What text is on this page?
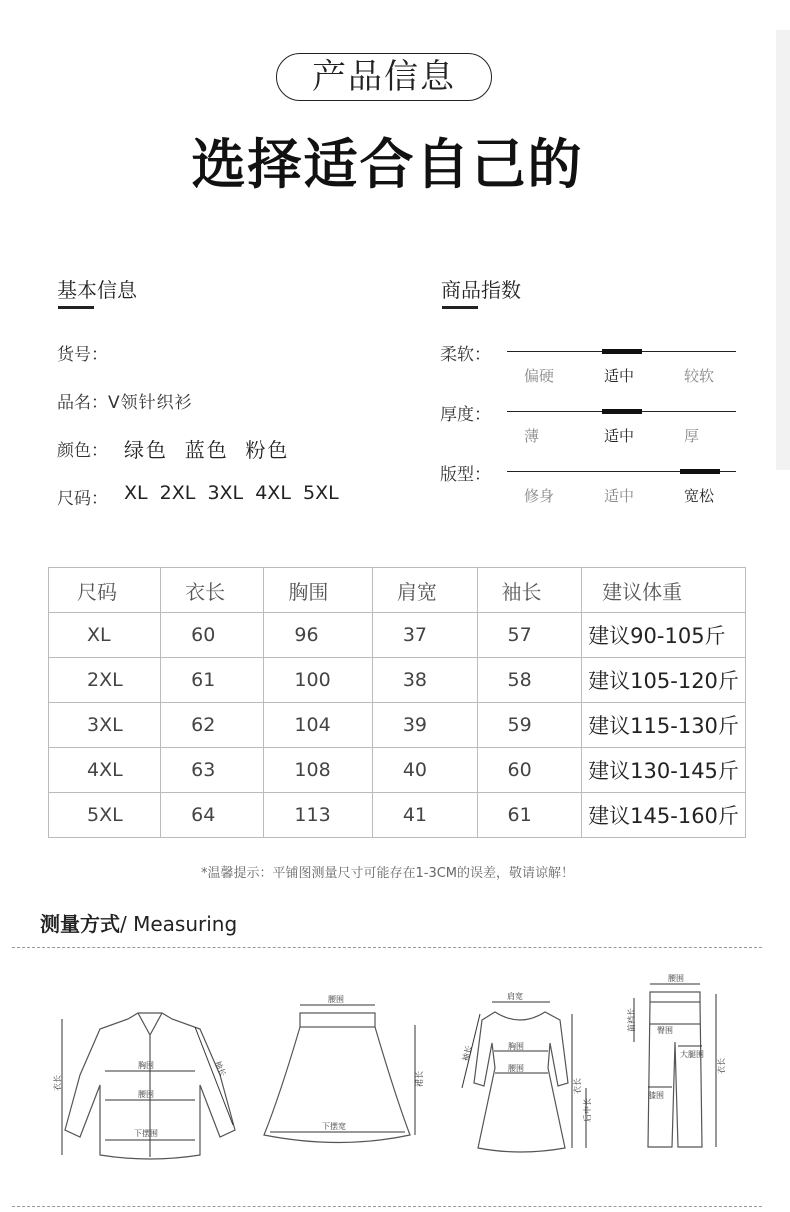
产品信息
选择适合自己的
基本信息
货号：
品名：V领针织衫
颜色： 绿色  蓝色  粉色
尺码： XL  2XL  3XL  4XL  5XL
商品指数
柔软：
偏硬	适中	较软
厚度：
薄	适中	厚
版型：
修身	适中	宽松
尺码	衣长	胸围	肩宽	袖长	建议体重
XL	60	96	37	57	建议90-105斤
2XL	61	100	38	58	建议105-120斤
3XL	62	104	39	59	建议115-130斤
4XL	63	108	40	60	建议130-145斤
5XL	64	113	41	61	建议145-160斤
*温馨提示：平铺图测量尺寸可能存在1-3CM的误差，敬请谅解！
测量方式/ Measuring
衣长
胸围
腰围
下摆围
袖长
腰围
裙长
下摆宽
肩宽
胸围
腰围
袖长
衣长
后中长
腰围
前裆长	臀围
大腿围
膝围
衣长
